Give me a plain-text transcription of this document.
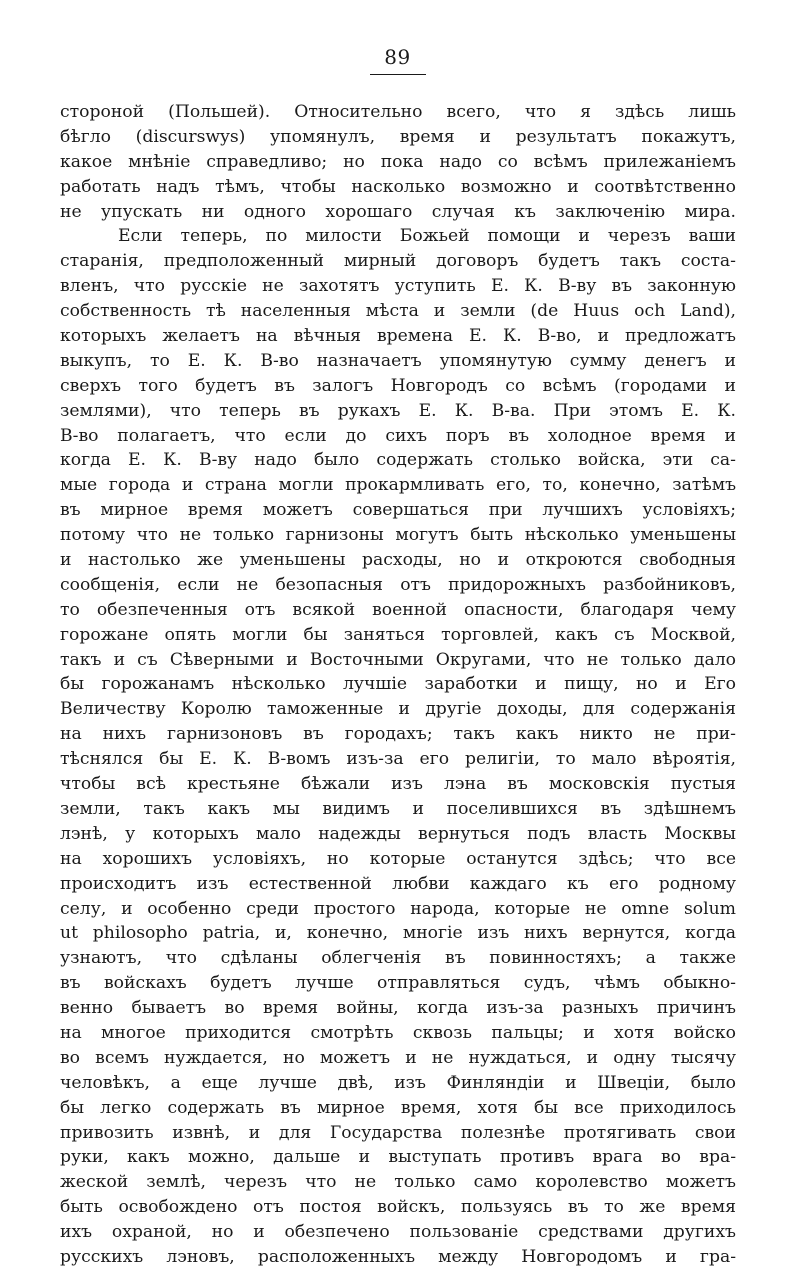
89
стороной (Польшей). Относительно всего, что я здѣсь лишь
бѣгло (discurswys) упомянулъ, время и результатъ покажутъ,
какое мнѣніе справедливо; но пока надо со всѣмъ прилежаніемъ
работать надъ тѣмъ, чтобы насколько возможно и соотвѣтственно
не упускать ни одного хорошаго случая къ заключенію мира.
Если теперь, по милости Божьей помощи и черезъ ваши
старанія, предположенный мирный договоръ будетъ такъ соста-
вленъ, что русскіе не захотятъ уступить Е. К. В-ву въ законную
собственность тѣ населенныя мѣста и земли (de Huus och Land),
которыхъ желаетъ на вѣчныя времена Е. К. В-во, и предложатъ
выкупъ, то Е. К. В-во назначаетъ упомянутую сумму денегъ и
сверхъ того будетъ въ залогъ Новгородъ со всѣмъ (городами и
землями), что теперь въ рукахъ Е. К. В-ва. При этомъ Е. К.
В-во полагаетъ, что если до сихъ поръ въ холодное время и
когда Е. К. В-ву надо было содержать столько войска, эти са-
мые города и страна могли прокармливать его, то, конечно, затѣмъ
въ мирное время можетъ совершаться при лучшихъ условіяхъ;
потому что не только гарнизоны могутъ быть нѣсколько уменьшены
и настолько же уменьшены расходы, но и откроются свободныя
сообщенія, если не безопасныя отъ придорожныхъ разбойниковъ,
то обезпеченныя отъ всякой военной опасности, благодаря чему
горожане опять могли бы заняться торговлей, какъ съ Москвой,
такъ и съ Сѣверными и Восточными Округами, что не только дало
бы горожанамъ нѣсколько лучшіе заработки и пищу, но и Его
Величеству Королю таможенные и другіе доходы, для содержанія
на нихъ гарнизоновъ въ городахъ; такъ какъ никто не при-
тѣснялся бы Е. К. В-вомъ изъ-за его религіи, то мало вѣроятія,
чтобы всѣ крестьяне бѣжали изъ лэна въ московскія пустыя
земли, такъ какъ мы видимъ и поселившихся въ здѣшнемъ
лэнѣ, у которыхъ мало надежды вернуться подъ власть Москвы
на хорошихъ условіяхъ, но которые останутся здѣсь; что все
происходитъ изъ естественной любви каждаго къ его родному
селу, и особенно среди простого народа, которые не omne solum
ut philosopho patria, и, конечно, многіе изъ нихъ вернутся, когда
узнаютъ, что сдѣланы облегченія въ повинностяхъ; а также
въ войскахъ будетъ лучше отправляться судъ, чѣмъ обыкно-
венно бываетъ во время войны, когда изъ-за разныхъ причинъ
на многое приходится смотрѣть сквозь пальцы; и хотя войско
во всемъ нуждается, но можетъ и не нуждаться, и одну тысячу
человѣкъ, а еще лучше двѣ, изъ Финляндіи и Швеціи, было
бы легко содержать въ мирное время, хотя бы все приходилось
привозить извнѣ, и для Государства полезнѣе протягивать свои
руки, какъ можно, дальше и выступать противъ врага во вра-
жеской землѣ, черезъ что не только само королевство можетъ
быть освобождено отъ постоя войскъ, пользуясь въ то же время
ихъ охраной, но и обезпечено пользованіе средствами другихъ
русскихъ лэновъ, расположенныхъ между Новгородомъ и гра-
